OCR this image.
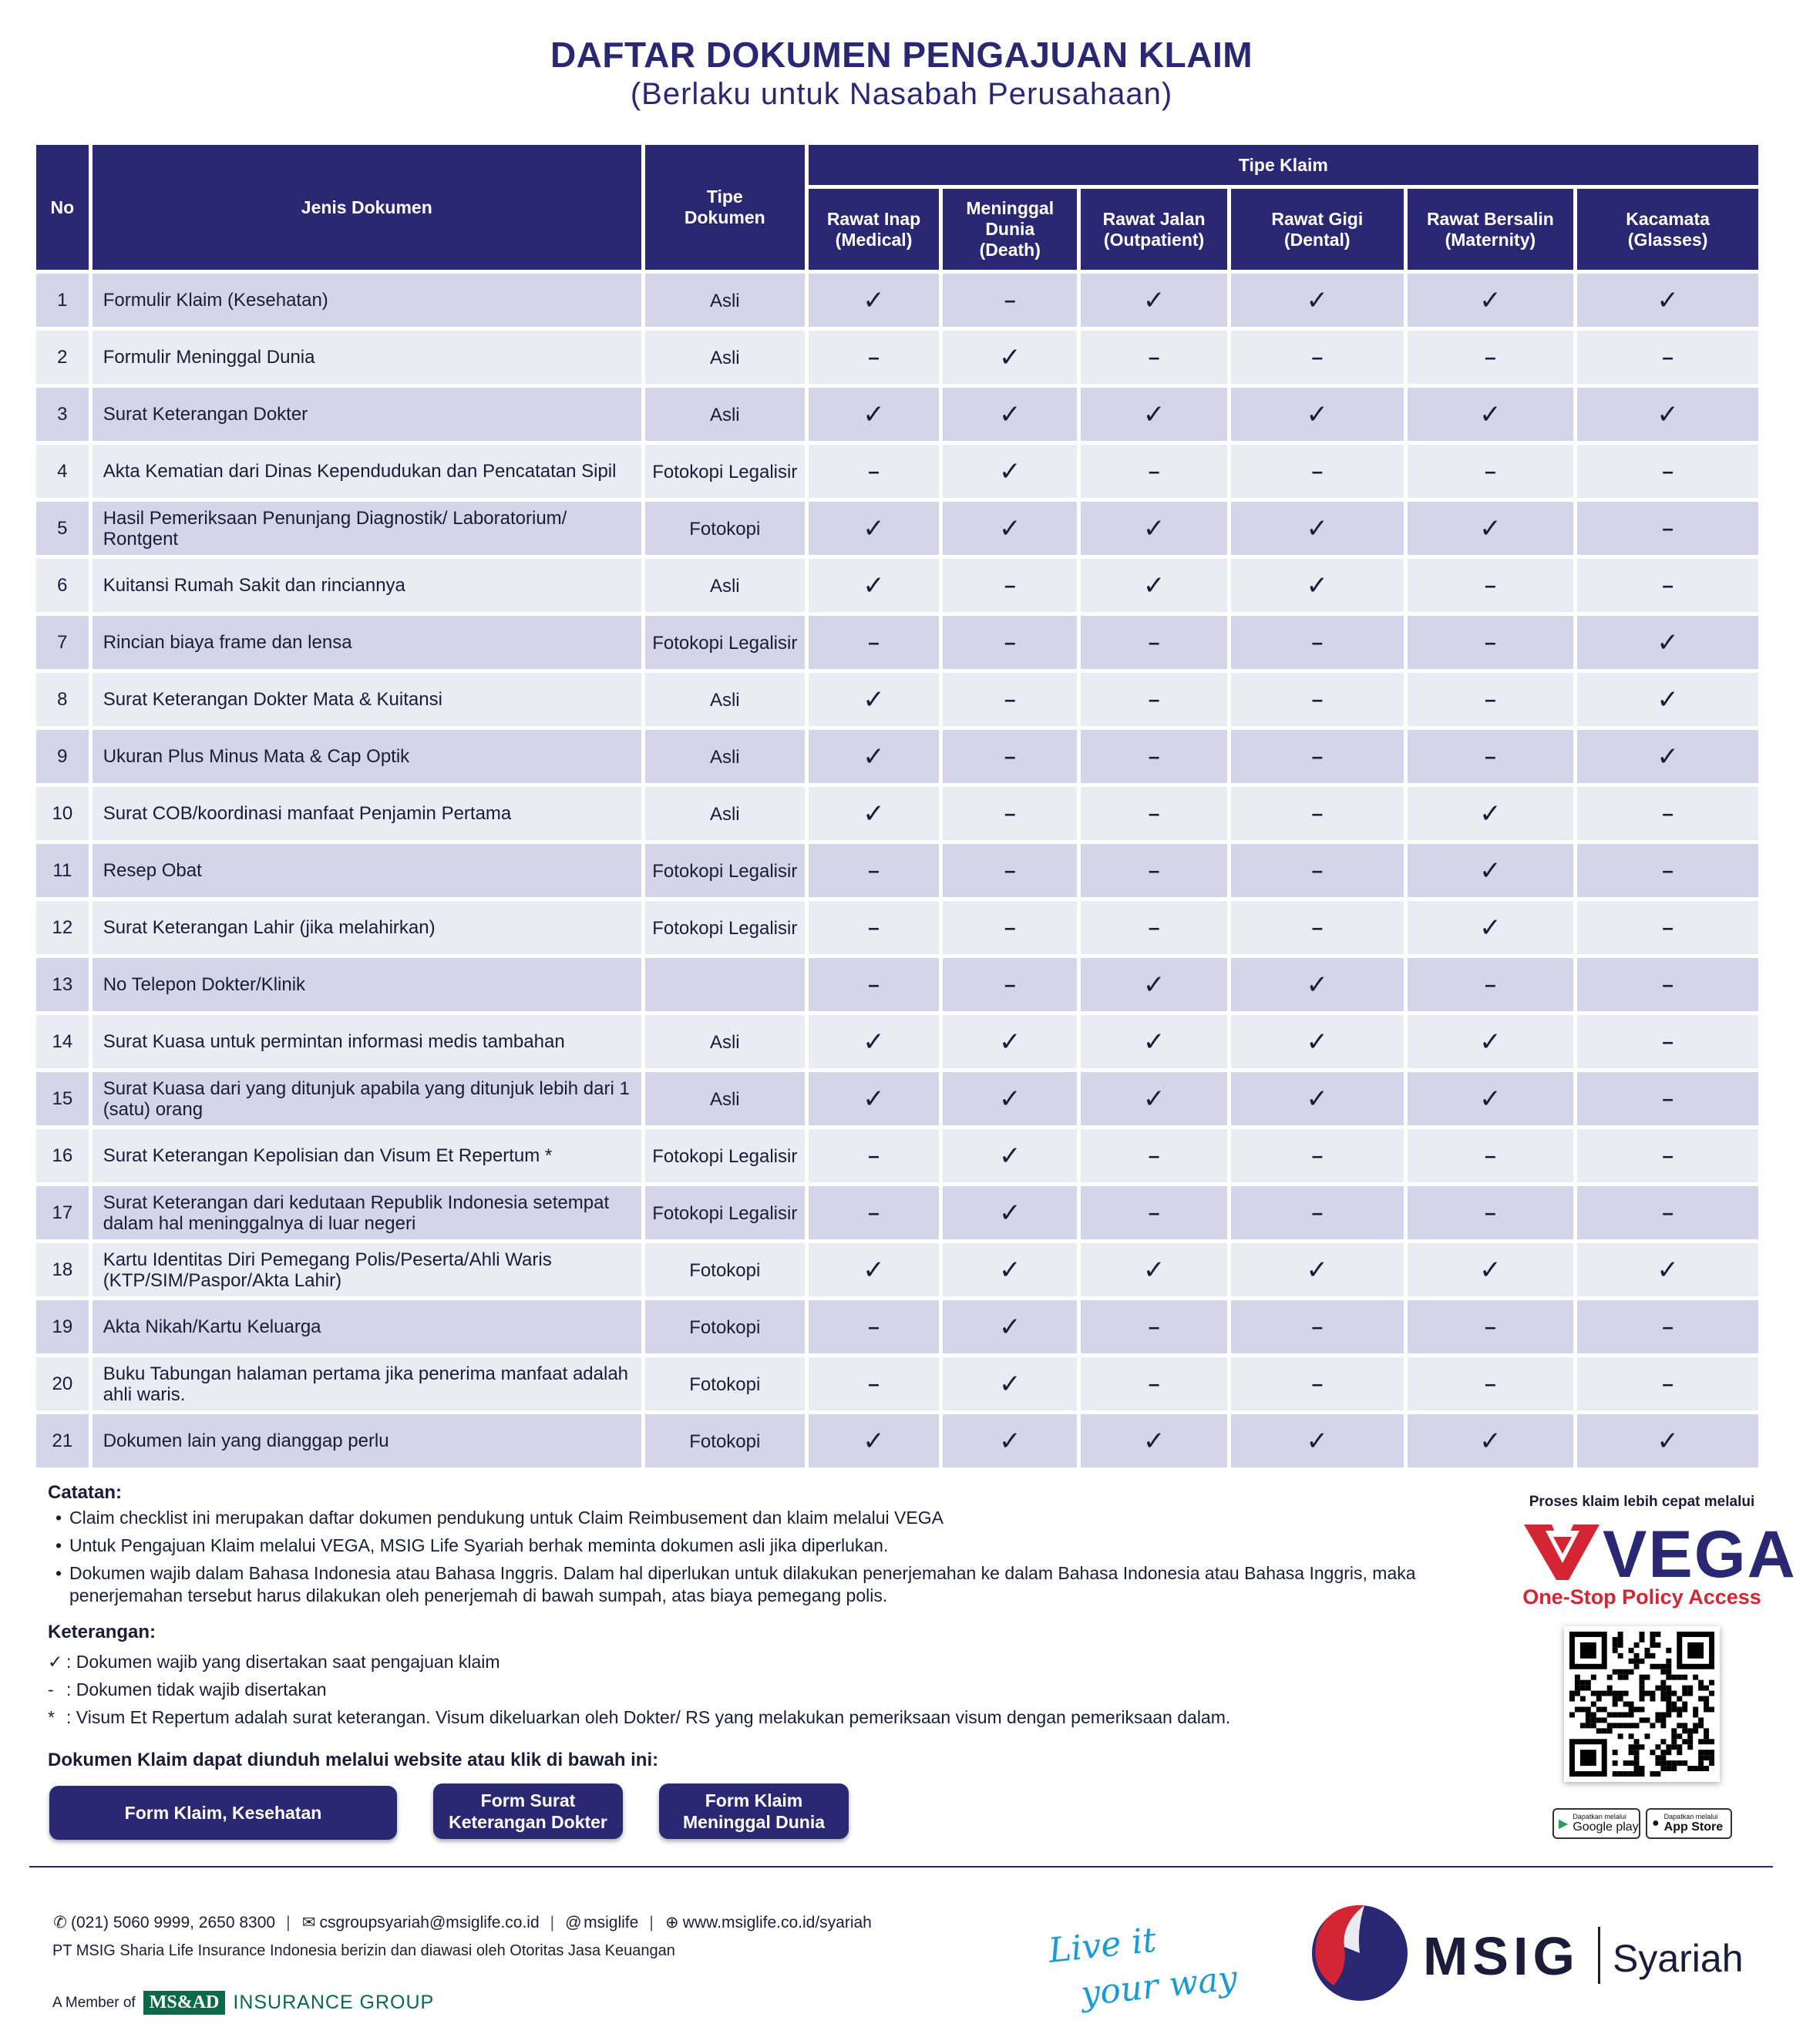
DAFTAR DOKUMEN PENGAJUAN KLAIM
(Berlaku untuk Nasabah Perusahaan)
No	Jenis Dokumen	Tipe Dokumen	Tipe Klaim					
			Rawat Inap (Medical)	Meninggal Dunia (Death)	Rawat Jalan (Outpatient)	Rawat Gigi (Dental)	Rawat Bersalin (Maternity)	Kacamata (Glasses)
1	Formulir Klaim (Kesehatan)	Asli	✓	–	✓	✓	✓	✓
2	Formulir Meninggal Dunia	Asli	–	✓	–	–	–	–
3	Surat Keterangan Dokter	Asli	✓	✓	✓	✓	✓	✓
4	Akta Kematian dari Dinas Kependudukan dan Pencatatan Sipil	Fotokopi Legalisir	–	✓	–	–	–	–
5	Hasil Pemeriksaan Penunjang Diagnostik/ Laboratorium/ Rontgent	Fotokopi	✓	✓	✓	✓	✓	–
6	Kuitansi Rumah Sakit dan rinciannya	Asli	✓	–	✓	✓	–	–
7	Rincian biaya frame dan lensa	Fotokopi Legalisir	–	–	–	–	–	✓
8	Surat Keterangan Dokter Mata & Kuitansi	Asli	✓	–	–	–	–	✓
9	Ukuran Plus Minus Mata & Cap Optik	Asli	✓	–	–	–	–	✓
10	Surat COB/koordinasi manfaat Penjamin Pertama	Asli	✓	–	–	–	✓	–
11	Resep Obat	Fotokopi Legalisir	–	–	–	–	✓	–
12	Surat Keterangan Lahir (jika melahirkan)	Fotokopi Legalisir	–	–	–	–	✓	–
13	No Telepon Dokter/Klinik		–	–	✓	✓	–	–
14	Surat Kuasa untuk permintan informasi medis tambahan	Asli	✓	✓	✓	✓	✓	–
15	Surat Kuasa dari yang ditunjuk apabila yang ditunjuk lebih dari 1 (satu) orang	Asli	✓	✓	✓	✓	✓	–
16	Surat Keterangan Kepolisian dan Visum Et Repertum *	Fotokopi Legalisir	–	✓	–	–	–	–
17	Surat Keterangan dari kedutaan Republik Indonesia setempat dalam hal meninggalnya di luar negeri	Fotokopi Legalisir	–	✓	–	–	–	–
18	Kartu Identitas Diri Pemegang Polis/Peserta/Ahli Waris (KTP/SIM/Paspor/Akta Lahir)	Fotokopi	✓	✓	✓	✓	✓	✓
19	Akta Nikah/Kartu Keluarga	Fotokopi	–	✓	–	–	–	–
20	Buku Tabungan halaman pertama jika penerima manfaat adalah ahli waris.	Fotokopi	–	✓	–	–	–	–
21	Dokumen lain yang dianggap perlu	Fotokopi	✓	✓	✓	✓	✓	✓
Catatan:
• Claim checklist ini merupakan daftar dokumen pendukung untuk Claim Reimbusement dan klaim melalui VEGA
• Untuk Pengajuan Klaim melalui VEGA, MSIG Life Syariah berhak meminta dokumen asli jika diperlukan.
• Dokumen wajib dalam Bahasa Indonesia atau Bahasa Inggris. Dalam hal diperlukan untuk dilakukan penerjemahan ke dalam Bahasa Indonesia atau Bahasa Inggris, maka penerjemahan tersebut harus dilakukan oleh penerjemah di bawah sumpah, atas biaya pemegang polis.
Keterangan:
✓ : Dokumen wajib yang disertakan saat pengajuan klaim
- : Dokumen tidak wajib disertakan
* : Visum Et Repertum adalah surat keterangan. Visum dikeluarkan oleh Dokter/ RS yang melakukan pemeriksaan visum dengan pemeriksaan dalam.
Dokumen Klaim dapat diunduh melalui website atau klik di bawah ini:
Form Klaim, Kesehatan
Form Surat Keterangan Dokter
Form Klaim Meninggal Dunia
Proses klaim lebih cepat melalui
VEGA
One-Stop Policy Access
▶
Dapatkan melalui
Google play ● Dapatkan melalui
App Store
✆ (021) 5060 9999, 2650 8300 | ✉ csgroupsyariah@msiglife.co.id | @ msiglife | ⊕ www.msiglife.co.id/syariah
PT MSIG Sharia Life Insurance Indonesia berizin dan diawasi oleh Otoritas Jasa Keuangan
A Member of MS&AD INSURANCE GROUP
Live it
your way	MSIG Syariah
